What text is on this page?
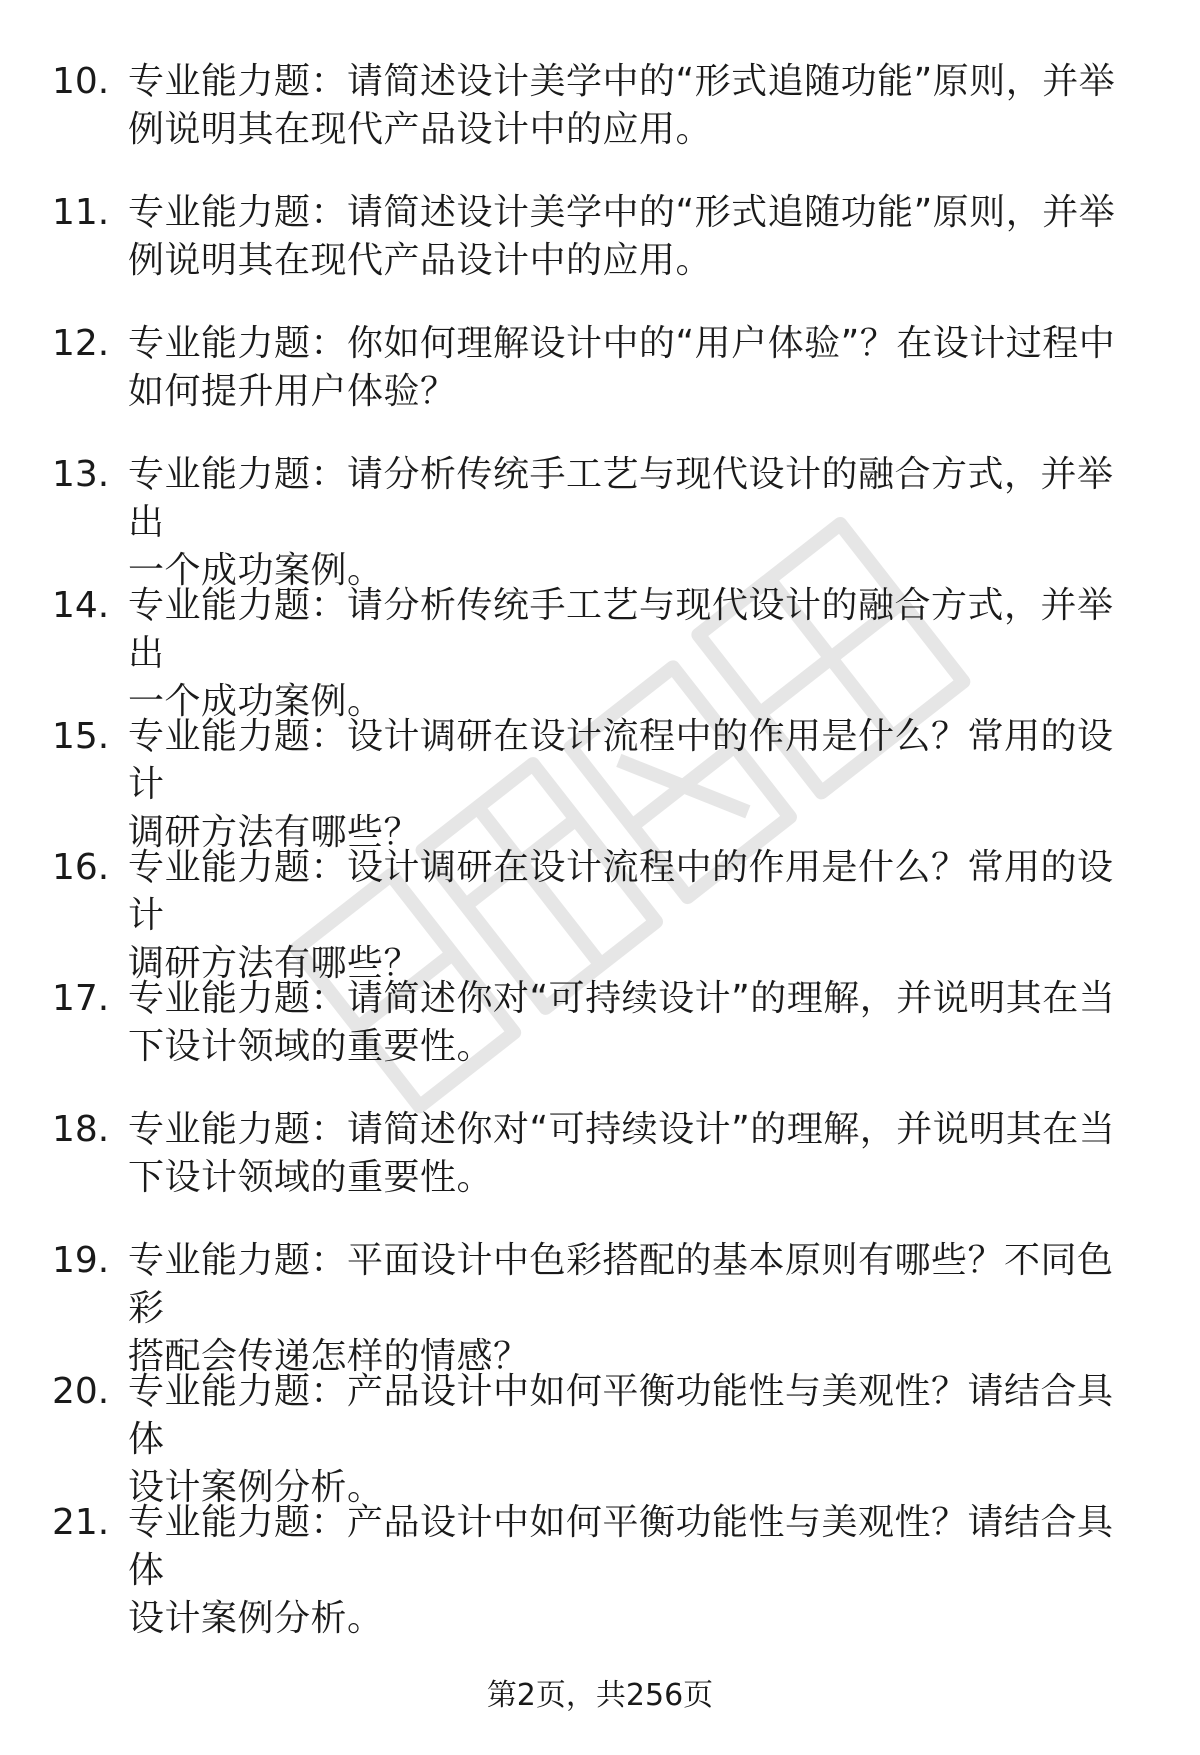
10. 专业能力题：请简述设计美学中的“形式追随功能”原则，并举
例说明其在现代产品设计中的应用。
11. 专业能力题：请简述设计美学中的“形式追随功能”原则，并举
例说明其在现代产品设计中的应用。
12. 专业能力题：你如何理解设计中的“用户体验”？在设计过程中
如何提升用户体验？
13. 专业能力题：请分析传统手工艺与现代设计的融合方式，并举出
一个成功案例。
14. 专业能力题：请分析传统手工艺与现代设计的融合方式，并举出
一个成功案例。
15. 专业能力题：设计调研在设计流程中的作用是什么？常用的设计
调研方法有哪些？
16. 专业能力题：设计调研在设计流程中的作用是什么？常用的设计
调研方法有哪些？
17. 专业能力题：请简述你对“可持续设计”的理解，并说明其在当
下设计领域的重要性。
18. 专业能力题：请简述你对“可持续设计”的理解，并说明其在当
下设计领域的重要性。
19. 专业能力题：平面设计中色彩搭配的基本原则有哪些？不同色彩
搭配会传递怎样的情感？
20. 专业能力题：产品设计中如何平衡功能性与美观性？请结合具体
设计案例分析。
21. 专业能力题：产品设计中如何平衡功能性与美观性？请结合具体
设计案例分析。
第2页，共256页
